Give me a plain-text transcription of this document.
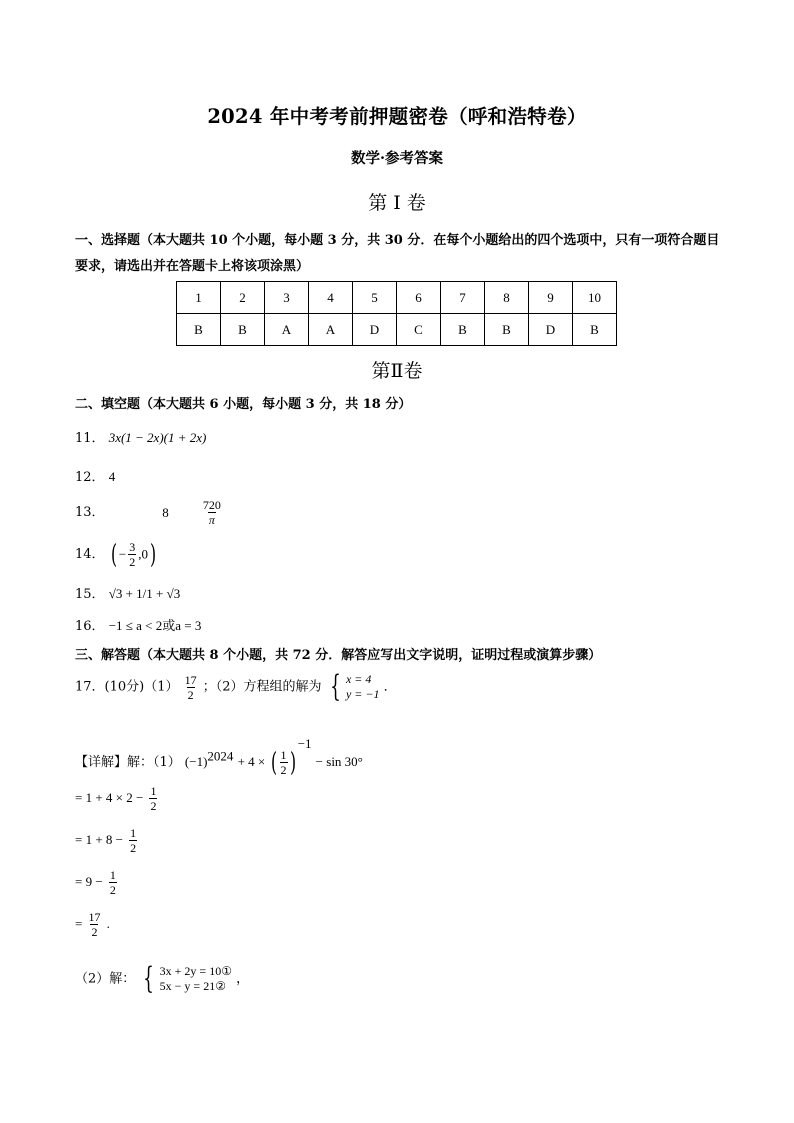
2024 年中考考前押题密卷（呼和浩特卷）
数学·参考答案
第 I 卷
一、选择题（本大题共 10 个小题，每小题 3 分，共 30 分．在每个小题给出的四个选项中，只有一项符合题目要求，请选出并在答题卡上将该项涂黑）
1	2	3	4	5	6	7	8	9	10
B	B	A	A	D	C	B	B	D	B
第Ⅱ卷
二、填空题（本大题共 6 小题，每小题 3 分，共 18 分）
11． 3x(1 − 2x)(1 + 2x)
12． 4
13．	8	$\frac{720}{\pi}$
14． ( − $\frac{3}{2} ,0$)
15． √3 + 1/1 + √3
16． −1 ≤ a < 2或a = 3
三、解答题（本大题共 8 个小题，共 72 分．解答应写出文字说明，证明过程或演算步骤）
17．(10分)$(1) \frac{17}{2}$ ；（2）方程组的解为 { x = 4
y = −1 ．
【详解】解：（1） $(-1)^{2024} + 4$ × ( $\frac{1}{2} )^{-1} - \sin 30^\circ$
= $1 + 4 \times 2 - \frac{1}{2}$
= $1 + 8 - \frac{1}{2}$
= $9 - \frac{1}{2}$
= $\frac{17}{2}$ .
（2）解： { 3x + 2y = 10①
5x − y = 21② ，
